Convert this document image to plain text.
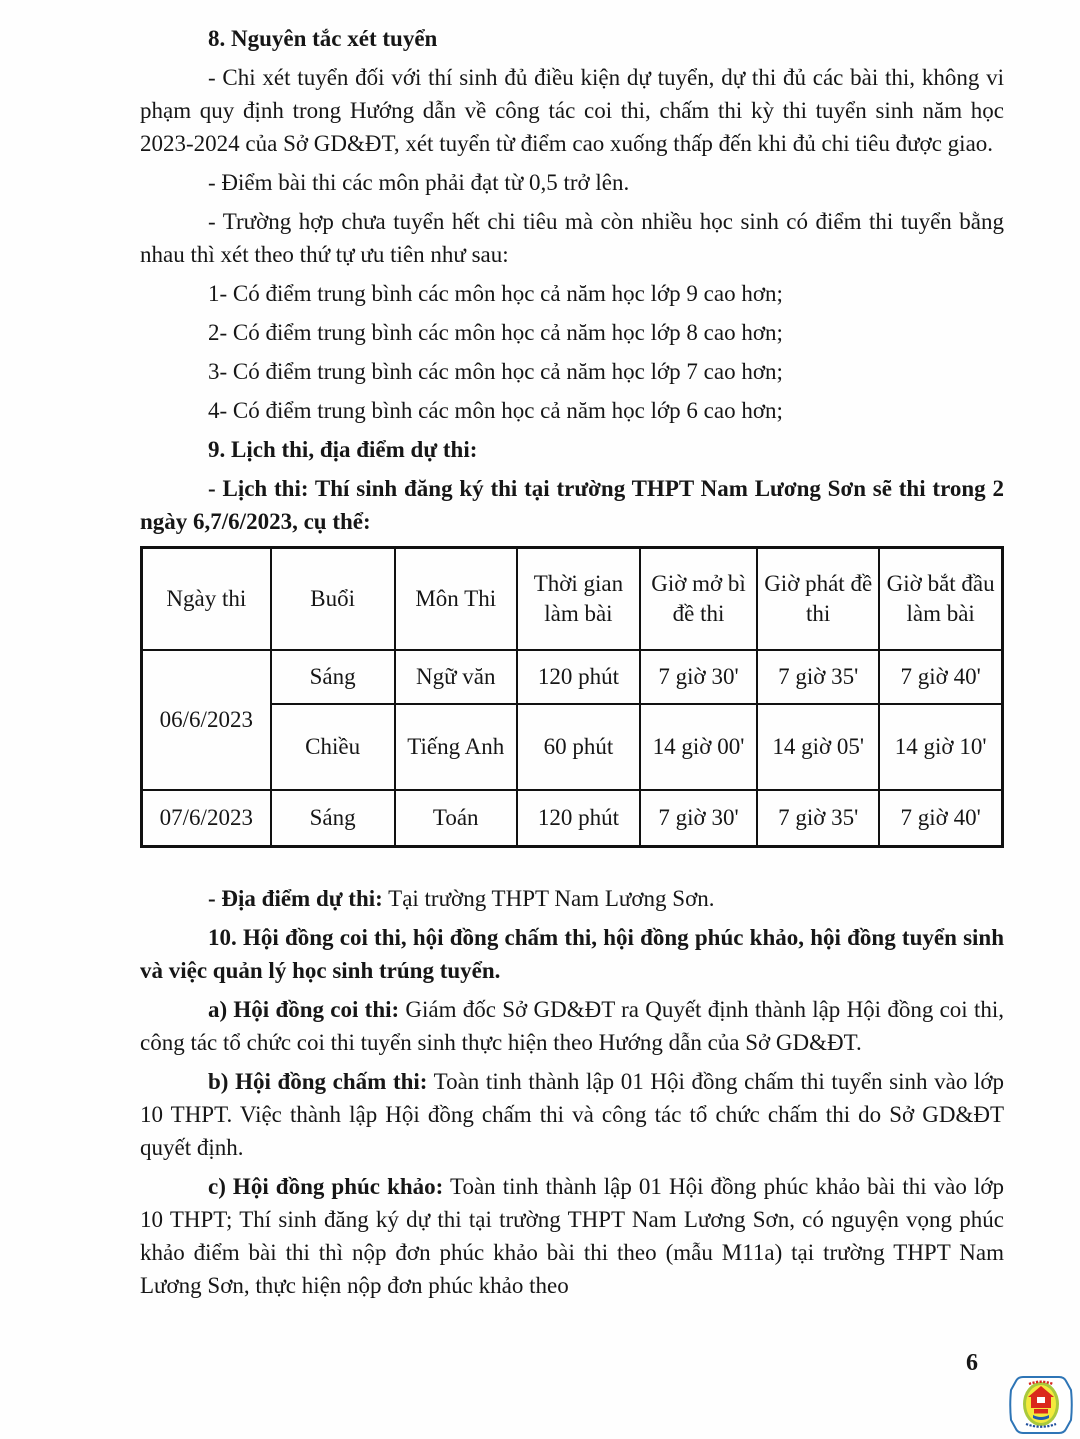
8. Nguyên tắc xét tuyển

- Chi xét tuyển đối với thí sinh đủ điều kiện dự tuyển, dự thi đủ các bài thi, không vi phạm quy định trong Hướng dẫn về công tác coi thi, chấm thi kỳ thi tuyển sinh năm học 2023-2024 của Sở GD&ĐT, xét tuyển từ điểm cao xuống thấp đến khi đủ chi tiêu được giao.

- Điểm bài thi các môn phải đạt từ 0,5 trở lên.

- Trường hợp chưa tuyển hết chi tiêu mà còn nhiều học sinh có điểm thi tuyển bằng nhau thì xét theo thứ tự ưu tiên như sau:

1- Có điểm trung bình các môn học cả năm học lớp 9 cao hơn;

2- Có điểm trung bình các môn học cả năm học lớp 8 cao hơn;

3- Có điểm trung bình các môn học cả năm học lớp 7 cao hơn;

4- Có điểm trung bình các môn học cả năm học lớp 6 cao hơn;

9. Lịch thi, địa điểm dự thi:

- Lịch thi: Thí sinh đăng ký thi tại trường THPT Nam Lương Sơn sẽ thi trong 2 ngày 6,7/6/2023, cụ thể:

Ngày thi	Buổi	Môn Thi	Thời gian làm bài	Giờ mở bì đề thi	Giờ phát đề thi	Giờ bắt đầu làm bài
06/6/2023	Sáng	Ngữ văn	120 phút	7 giờ 30'	7 giờ 35'	7 giờ 40'
	Chiều	Tiếng Anh	60 phút	14 giờ 00'	14 giờ 05'	14 giờ 10'
07/6/2023	Sáng	Toán	120 phút	7 giờ 30'	7 giờ 35'	7 giờ 40'

- Địa điểm dự thi: Tại trường THPT Nam Lương Sơn.

10. Hội đồng coi thi, hội đồng chấm thi, hội đồng phúc khảo, hội đồng tuyển sinh và việc quản lý học sinh trúng tuyển.

a) Hội đồng coi thi: Giám đốc Sở GD&ĐT ra Quyết định thành lập Hội đồng coi thi, công tác tổ chức coi thi tuyển sinh thực hiện theo Hướng dẫn của Sở GD&ĐT.

b) Hội đồng chấm thi: Toàn tinh thành lập 01 Hội đồng chấm thi tuyển sinh vào lớp 10 THPT. Việc thành lập Hội đồng chấm thi và công tác tổ chức chấm thi do Sở GD&ĐT quyết định.

c) Hội đồng phúc khảo: Toàn tinh thành lập 01 Hội đồng phúc khảo bài thi vào lớp 10 THPT; Thí sinh đăng ký dự thi tại trường THPT Nam Lương Sơn, có nguyện vọng phúc khảo điểm bài thi thì nộp đơn phúc khảo bài thi theo (mẫu M11a) tại trường THPT Nam Lương Sơn, thực hiện nộp đơn phúc khảo theo

6
